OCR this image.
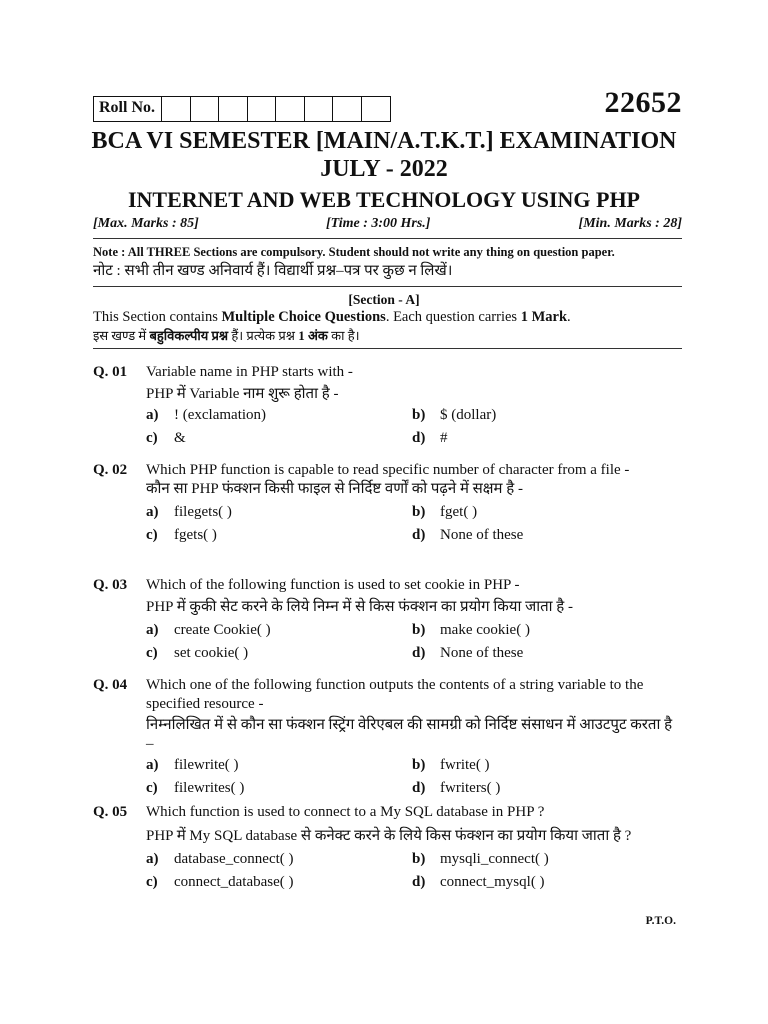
Roll No.	22652
BCA VI SEMESTER [MAIN/A.T.K.T.] EXAMINATION
JULY - 2022
INTERNET AND WEB TECHNOLOGY USING PHP
[Max. Marks : 85]	[Time : 3:00 Hrs.]	[Min. Marks : 28]
Note : All THREE Sections are compulsory. Student should not write any thing on question paper.
नोट : सभी तीन खण्ड अनिवार्य हैं। विद्यार्थी प्रश्न–पत्र पर कुछ न लिखें।
[Section - A]
This Section contains Multiple Choice Questions. Each question carries 1 Mark.
इस खण्ड में बहुविकल्पीय प्रश्न हैं। प्रत्येक प्रश्न 1 अंक का है।
Q. 01 Variable name in PHP starts with -
PHP में Variable नाम शुरू होता है -
a) ! (exclamation)	b) $ (dollar)
c) &	d) #
Q. 02 Which PHP function is capable to read specific number of character from a file -
कौन सा PHP फंक्शन किसी फाइल से निर्दिष्ट वर्णों को पढ़ने में सक्षम है -
a) filegets( )	b) fget( )
c) fgets( )	d) None of these
Q. 03 Which of the following function is used to set cookie in PHP -
PHP में कुकी सेट करने के लिये निम्न में से किस फंक्शन का प्रयोग किया जाता है -
a) create Cookie( )	b) make cookie( )
c) set cookie( )	d) None of these
Q. 04 Which one of the following function outputs the contents of a string variable to the specified resource -
निम्नलिखित में से कौन सा फंक्शन स्ट्रिंग वेरिएबल की सामग्री को निर्दिष्ट संसाधन में आउटपुट करता है –
a) filewrite( )	b) fwrite( )
c) filewrites( )	d) fwriters( )
Q. 05 Which function is used to connect to a My SQL database in PHP ?
PHP में My SQL database से कनेक्ट करने के लिये किस फंक्शन का प्रयोग किया जाता है ?
a) database_connect( )	b) mysqli_connect( )
c) connect_database( )	d) connect_mysql( )
P.T.O.
